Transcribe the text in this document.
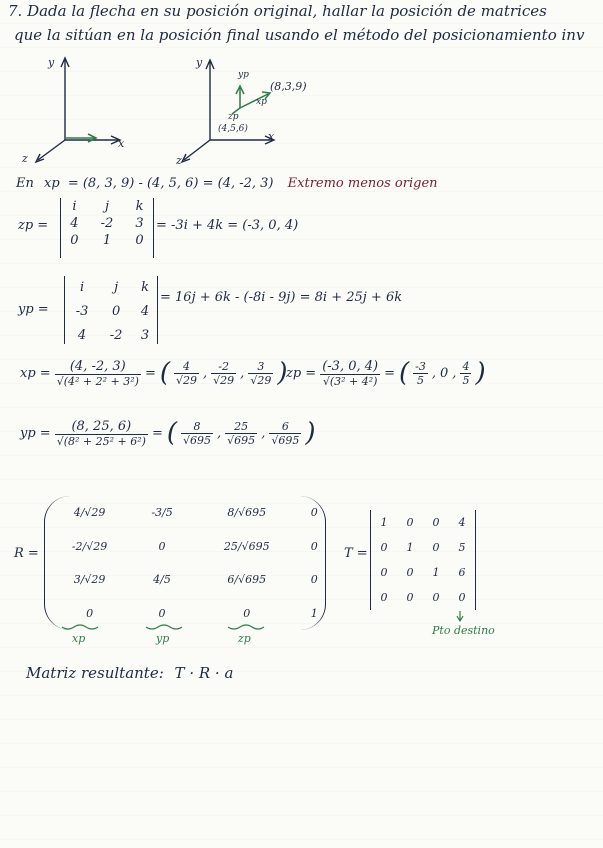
7. Dada la flecha en su posición original, hallar la posición de matrices
que la sitúan en la posición final usando el método del posicionamiento inv
y
x
z
y
x
z
yp
xp
zp
(8,3,9)
(4,5,6)
En xp = (8, 3, 9) - (4, 5, 6) = (4, -2, 3) Extremo menos origen
zp =
i	j	k
4	-2	3
0	1	0
= -3i + 4k = (-3, 0, 4)
yp =
i	j	k
-3	0	4
4	-2	3
= 16j + 6k - (-8i - 9j) = 8i + 25j + 6k
xp = $\frac{(4, -2, 3)}{\text{√(4² + 2² + 3²)}}$ = ( $\frac{4}{√29}$ , $\frac{-2}{√29}$ , $\frac{3}{√29}$ )
zp = $\frac{(-3, 0, 4)}{\text{√(3² + 4²)}}$ = ( $\frac{-3}{5}$ , 0 , $\frac{4}{5}$ )
yp = $\frac{(8, 25, 6)}{\text{√(8² + 25² + 6²)}}$ = ( $\frac{8}{√695}$ , $\frac{25}{√695}$ , $\frac{6}{√695}$ )
R =
4/√29	-3/5	8/√695	0
-2/√29	0	25/√695	0
3/√29	4/5	6/√695	0
0	0	0	1
xp	yp	zp
T =
1	0	0	4
0	1	0	5
0	0	1	6
0	0	0	0
Pto destino
Matriz resultante: T · R · a
